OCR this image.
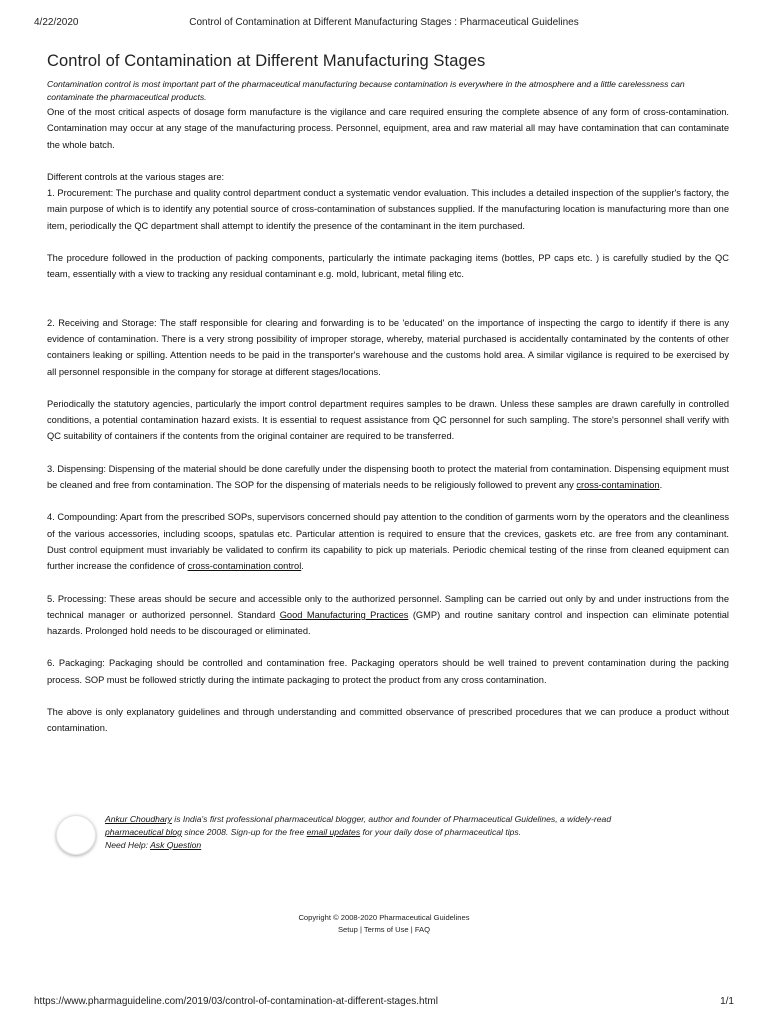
4/22/2020	Control of Contamination at Different Manufacturing Stages : Pharmaceutical Guidelines
Control of Contamination at Different Manufacturing Stages

Contamination control is most important part of the pharmaceutical manufacturing because contamination is everywhere in the atmosphere and a little carelessness can contaminate the pharmaceutical products.

One of the most critical aspects of dosage form manufacture is the vigilance and care required ensuring the complete absence of any form of cross-contamination. Contamination may occur at any stage of the manufacturing process. Personnel, equipment, area and raw material all may have contamination that can contaminate the whole batch.

Different controls at the various stages are:

1. Procurement: The purchase and quality control department conduct a systematic vendor evaluation. This includes a detailed inspection of the supplier's factory, the main purpose of which is to identify any potential source of cross-contamination of substances supplied. If the manufacturing location is manufacturing more than one item, periodically the QC department shall attempt to identify the presence of the contaminant in the item purchased.

The procedure followed in the production of packing components, particularly the intimate packaging items (bottles, PP caps etc. ) is carefully studied by the QC team, essentially with a view to tracking any residual contaminant e.g. mold, lubricant, metal filing etc.

2. Receiving and Storage: The staff responsible for clearing and forwarding is to be 'educated' on the importance of inspecting the cargo to identify if there is any evidence of contamination. There is a very strong possibility of improper storage, whereby, material purchased is accidentally contaminated by the contents of other containers leaking or spilling. Attention needs to be paid in the transporter's warehouse and the customs hold area. A similar vigilance is required to be exercised by all personnel responsible in the company for storage at different stages/locations.

Periodically the statutory agencies, particularly the import control department requires samples to be drawn. Unless these samples are drawn carefully in controlled conditions, a potential contamination hazard exists. It is essential to request assistance from QC personnel for such sampling. The store's personnel shall verify with QC suitability of containers if the contents from the original container are required to be transferred.

3. Dispensing: Dispensing of the material should be done carefully under the dispensing booth to protect the material from contamination. Dispensing equipment must be cleaned and free from contamination. The SOP for the dispensing of materials needs to be religiously followed to prevent any cross-contamination.

4. Compounding: Apart from the prescribed SOPs, supervisors concerned should pay attention to the condition of garments worn by the operators and the cleanliness of the various accessories, including scoops, spatulas etc. Particular attention is required to ensure that the crevices, gaskets etc. are free from any contaminant. Dust control equipment must invariably be validated to confirm its capability to pick up materials. Periodic chemical testing of the rinse from cleaned equipment can further increase the confidence of cross-contamination control.

5. Processing: These areas should be secure and accessible only to the authorized personnel. Sampling can be carried out only by and under instructions from the technical manager or authorized personnel. Standard Good Manufacturing Practices (GMP) and routine sanitary control and inspection can eliminate potential hazards. Prolonged hold needs to be discouraged or eliminated.

6. Packaging: Packaging should be controlled and contamination free. Packaging operators should be well trained to prevent contamination during the packing process. SOP must be followed strictly during the intimate packaging to protect the product from any cross contamination.

The above is only explanatory guidelines and through understanding and committed observance of prescribed procedures that we can produce a product without contamination.

Ankur Choudhary is India's first professional pharmaceutical blogger, author and founder of Pharmaceutical Guidelines, a widely-read
pharmaceutical blog since 2008. Sign-up for the free email updates for your daily dose of pharmaceutical tips.
Need Help: Ask Question
Copyright © 2008-2020 Pharmaceutical Guidelines
Setup | Terms of Use | FAQ
https://www.pharmaguideline.com/2019/03/control-of-contamination-at-different-stages.html	1/1
